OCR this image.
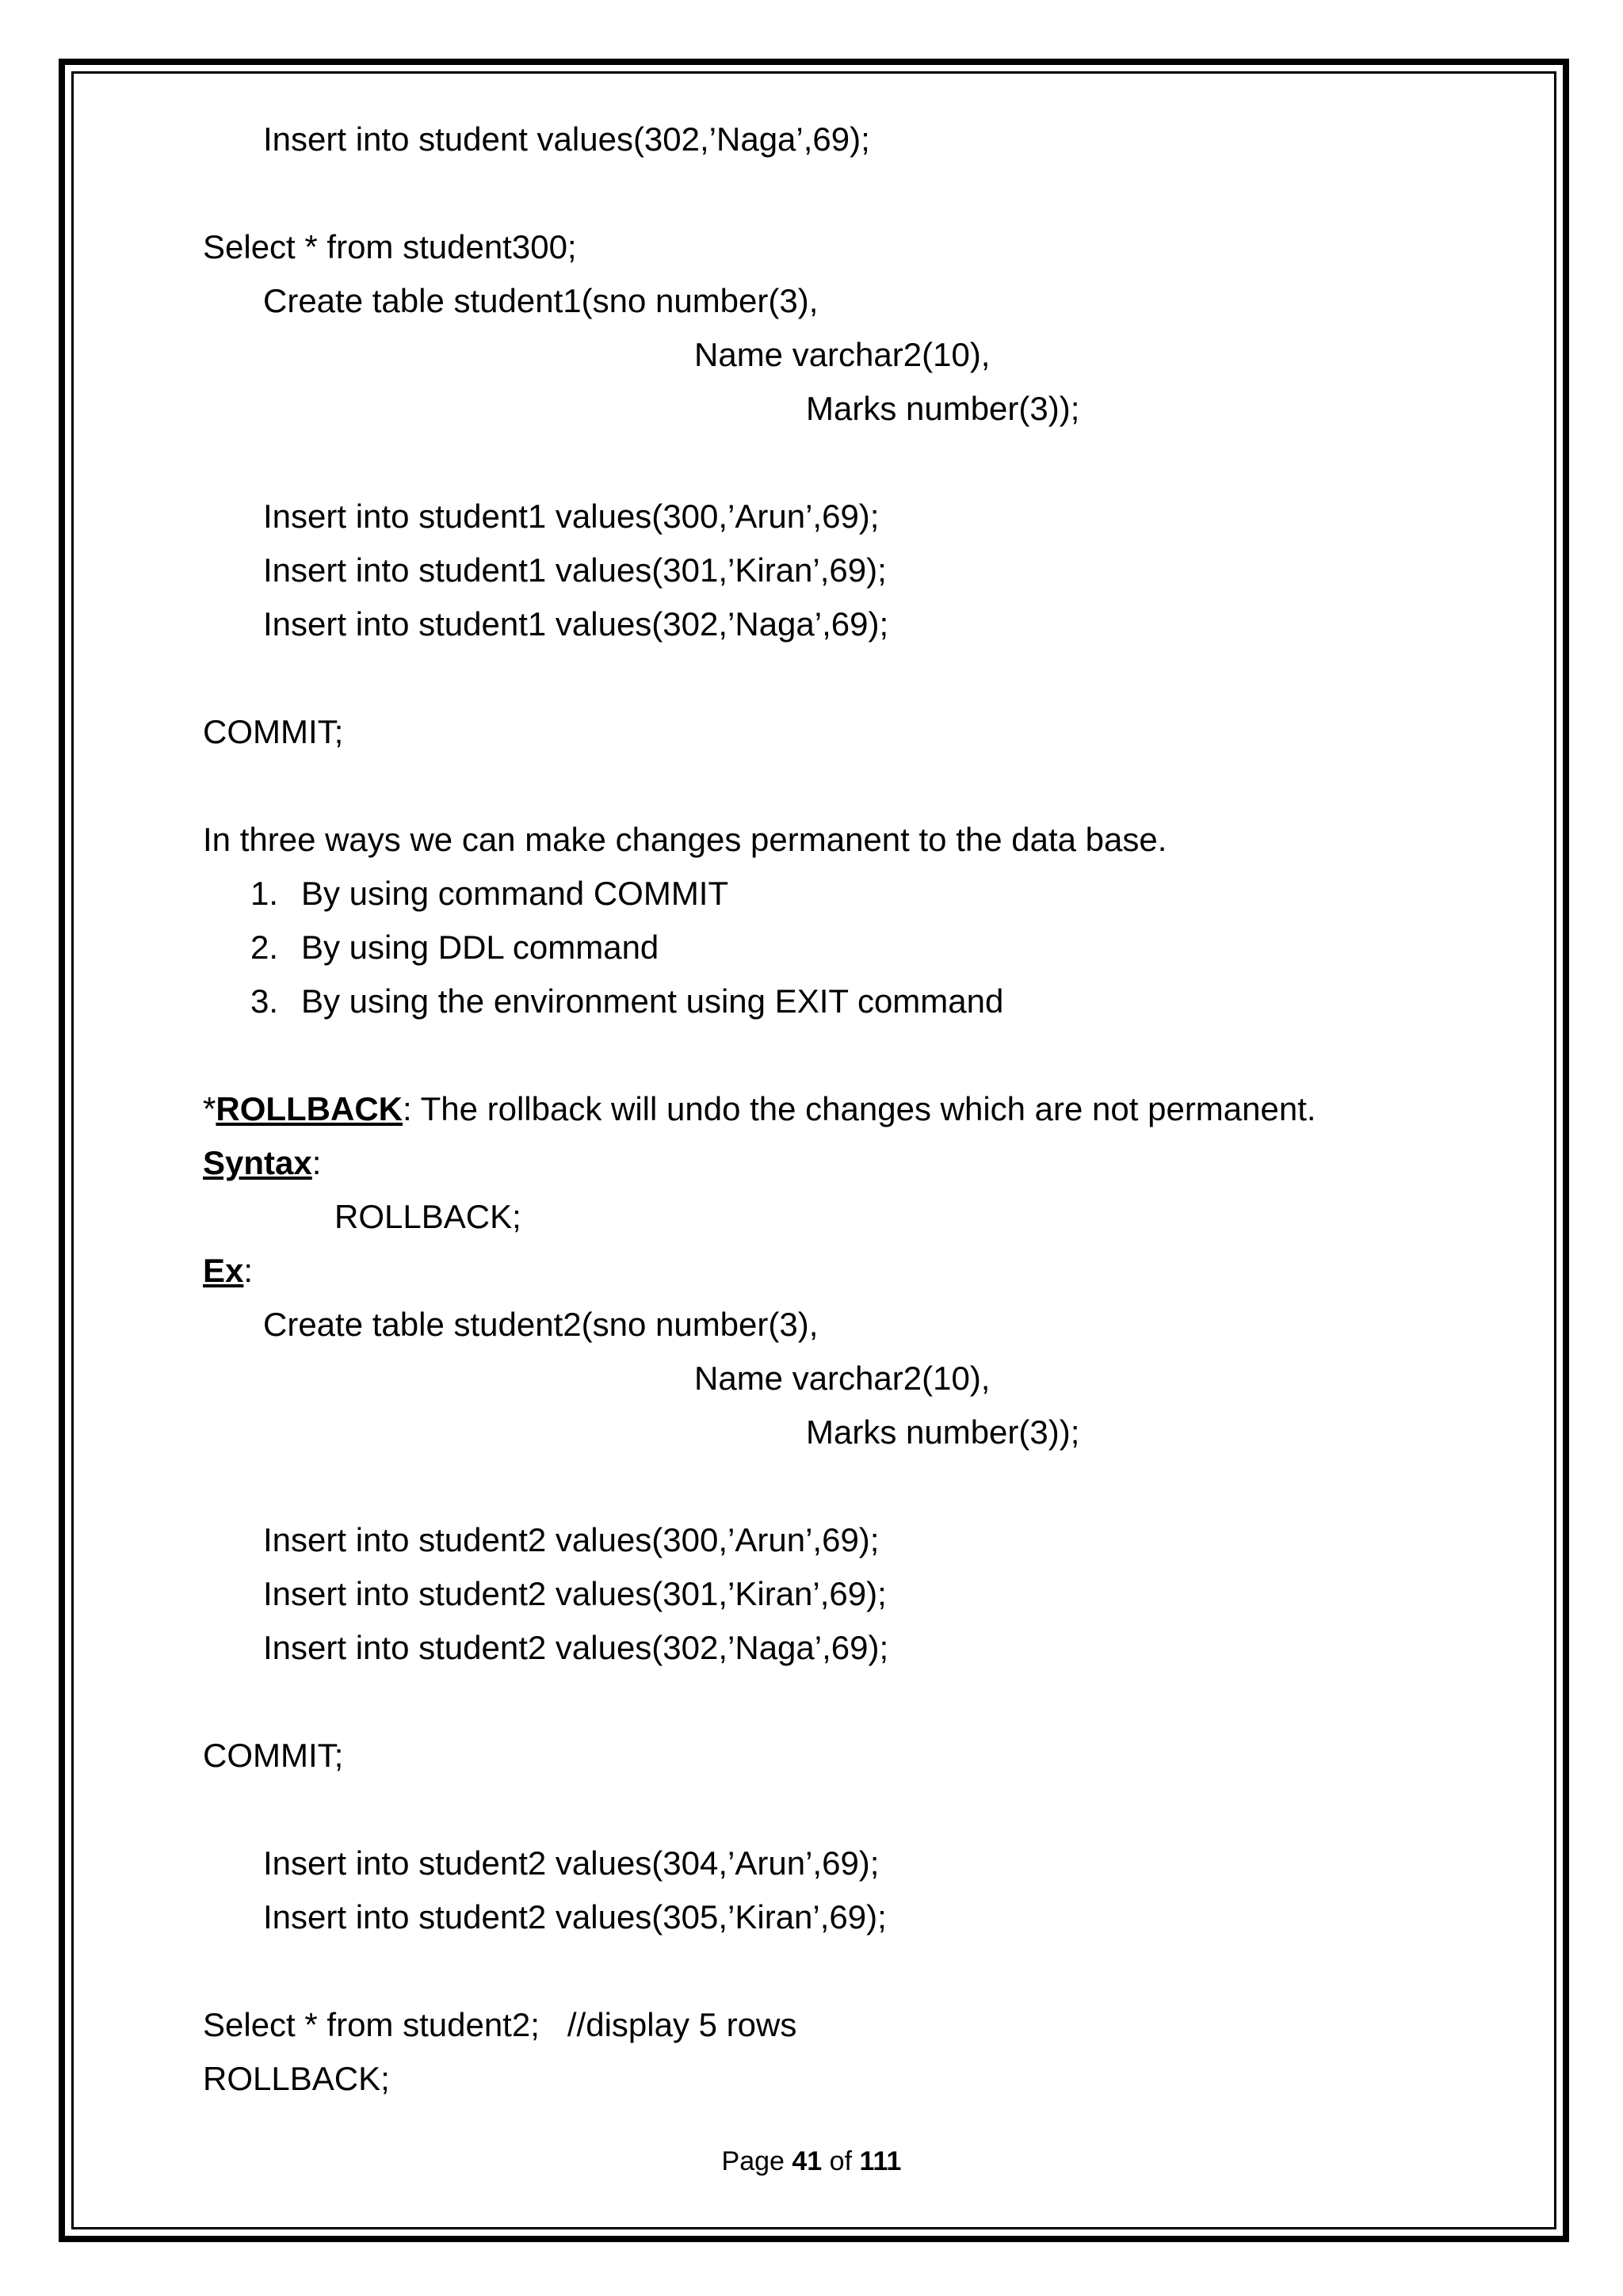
Insert into student values(302,’Naga’,69);
Select * from student300;
Create table student1(sno number(3),
Name varchar2(10),
Marks number(3));
Insert into student1 values(300,’Arun’,69);
Insert into student1 values(301,’Kiran’,69);
Insert into student1 values(302,’Naga’,69);
COMMIT;
In three ways we can make changes permanent to the data base.
1. By using command COMMIT
2. By using DDL command
3. By using the environment using EXIT command
*ROLLBACK: The rollback will undo the changes which are not permanent.
Syntax:
ROLLBACK;
Ex:
Create table student2(sno number(3),
Name varchar2(10),
Marks number(3));
Insert into student2 values(300,’Arun’,69);
Insert into student2 values(301,’Kiran’,69);
Insert into student2 values(302,’Naga’,69);
COMMIT;
Insert into student2 values(304,’Arun’,69);
Insert into student2 values(305,’Kiran’,69);
Select * from student2;   //display 5 rows
ROLLBACK;
Page 41 of 111
